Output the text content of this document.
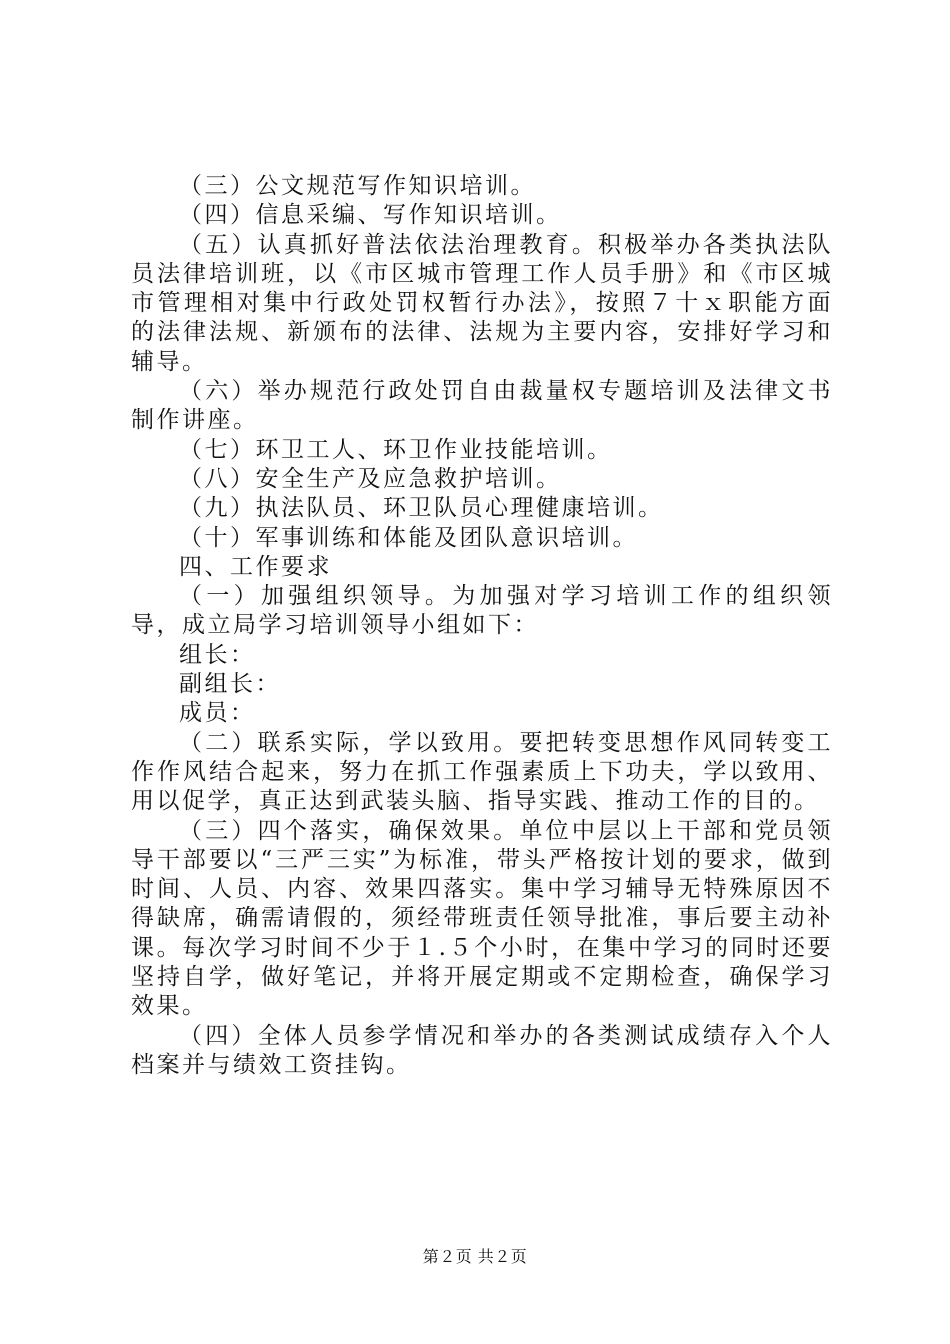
（三）公文规范写作知识培训。

（四）信息采编、写作知识培训。

（五）认真抓好普法依法治理教育。积极举办各类执法队员法律培训班，以《市区城市管理工作人员手册》和《市区城市管理相对集中行政处罚权暂行办法》，按照７十ｘ职能方面的法律法规、新颁布的法律、法规为主要内容，安排好学习和辅导。

（六）举办规范行政处罚自由裁量权专题培训及法律文书制作讲座。

（七）环卫工人、环卫作业技能培训。

（八）安全生产及应急救护培训。

（九）执法队员、环卫队员心理健康培训。

（十）军事训练和体能及团队意识培训。

四、工作要求

（一）加强组织领导。为加强对学习培训工作的组织领导，成立局学习培训领导小组如下：

组长：

副组长：

成员：

（二）联系实际，学以致用。要把转变思想作风同转变工作作风结合起来，努力在抓工作强素质上下功夫，学以致用、用以促学，真正达到武装头脑、指导实践、推动工作的目的。

（三）四个落实，确保效果。单位中层以上干部和党员领导干部要以“三严三实”为标准，带头严格按计划的要求，做到时间、人员、内容、效果四落实。集中学习辅导无特殊原因不得缺席，确需请假的，须经带班责任领导批准，事后要主动补课。每次学习时间不少于１.５个小时，在集中学习的同时还要坚持自学，做好笔记，并将开展定期或不定期检查，确保学习效果。

（四）全体人员参学情况和举办的各类测试成绩存入个人档案并与绩效工资挂钩。

第２页 共２页
